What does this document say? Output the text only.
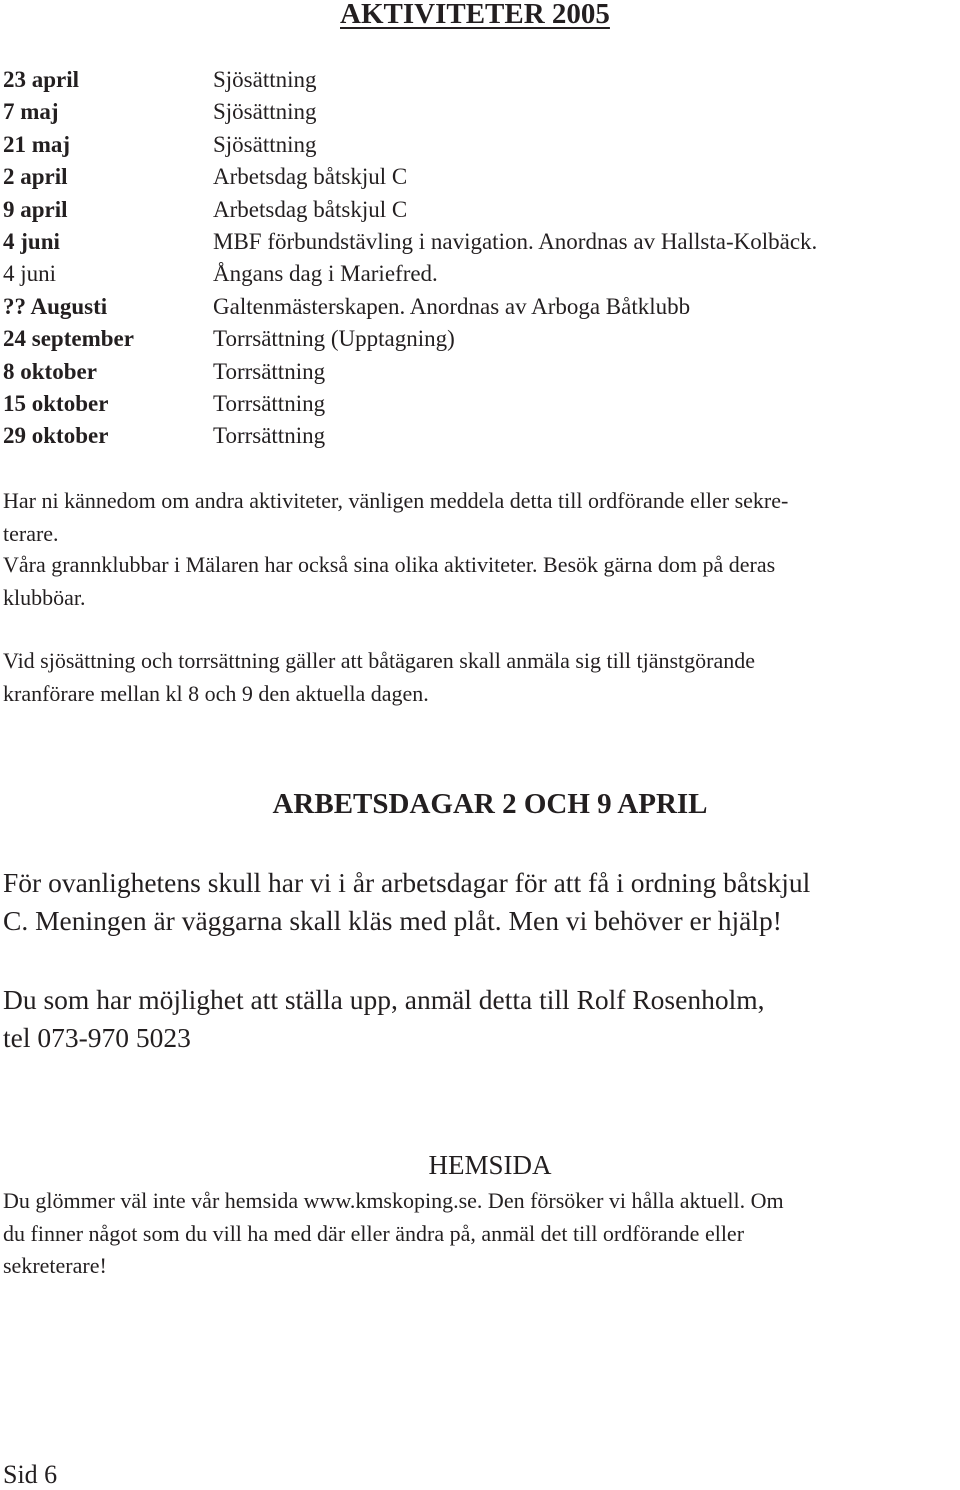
AKTIVITETER 2005
23 april	Sjösättning
7 maj	Sjösättning
21 maj	Sjösättning
2 april	Arbetsdag båtskjul C
9 april	Arbetsdag båtskjul C
4 juni	MBF förbundstävling i navigation. Anordnas av Hallsta-Kolbäck.
4 juni	Ångans dag i Mariefred.
?? Augusti	Galtenmästerskapen. Anordnas av Arboga Båtklubb
24 september	Torrsättning (Upptagning)
8 oktober	Torrsättning
15 oktober	Torrsättning
29 oktober	Torrsättning
Har ni kännedom om andra aktiviteter, vänligen meddela detta till ordförande eller sekre-
terare.
Våra grannklubbar i Mälaren har också sina olika aktiviteter. Besök gärna dom på deras
klubböar.
Vid sjösättning och torrsättning gäller att båtägaren skall anmäla sig till tjänstgörande
kranförare mellan kl 8 och 9 den aktuella dagen.
ARBETSDAGAR 2 OCH 9 APRIL
För ovanlighetens skull har vi i år arbetsdagar för att få i ordning båtskjul
C. Meningen är väggarna skall kläs med plåt. Men vi behöver er hjälp!
Du som har möjlighet att ställa upp, anmäl detta till Rolf Rosenholm,
tel 073-970 5023
HEMSIDA
Du glömmer väl inte vår hemsida www.kmskoping.se. Den försöker vi hålla aktuell. Om
du finner något som du vill ha med där eller ändra på, anmäl det till ordförande eller
sekreterare!
Sid 6
